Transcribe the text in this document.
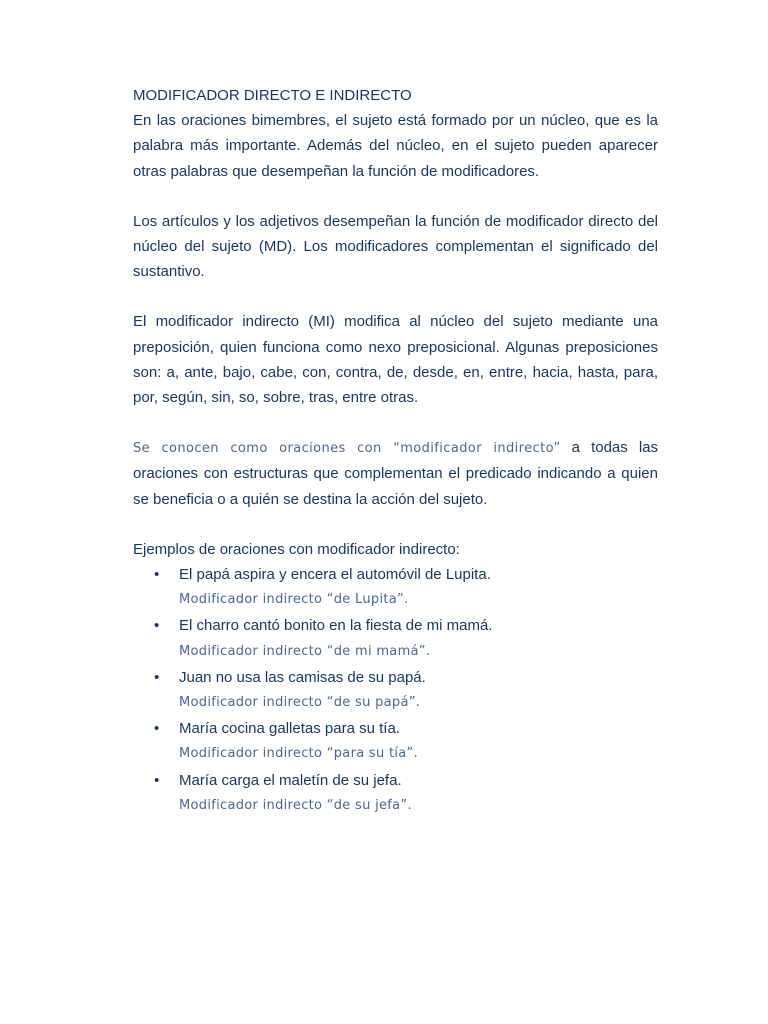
MODIFICADOR DIRECTO E INDIRECTO

En las oraciones bimembres, el sujeto está formado por un núcleo, que es la palabra más importante. Además del núcleo, en el sujeto pueden aparecer otras palabras que desempeñan la función de modificadores.

Los artículos y los adjetivos desempeñan la función de modificador directo del núcleo del sujeto (MD). Los modificadores complementan el significado del sustantivo.

El modificador indirecto (MI) modifica al núcleo del sujeto mediante una preposición, quien funciona como nexo preposicional. Algunas preposiciones son: a, ante, bajo, cabe, con, contra, de, desde, en, entre, hacia, hasta, para, por, según, sin, so, sobre, tras, entre otras.

Se conocen como oraciones con “modificador indirecto” a todas las oraciones con estructuras que complementan el predicado indicando a quien se beneficia o a quién se destina la acción del sujeto.

Ejemplos de oraciones con modificador indirecto:

• El papá aspira y encera el automóvil de Lupita.
Modificador indirecto “de Lupita”.
• El charro cantó bonito en la fiesta de mi mamá.
Modificador indirecto “de mi mamá”.
• Juan no usa las camisas de su papá.
Modificador indirecto “de su papá”.
• María cocina galletas para su tía.
Modificador indirecto “para su tía”.
• María carga el maletín de su jefa.
Modificador indirecto “de su jefa”.
